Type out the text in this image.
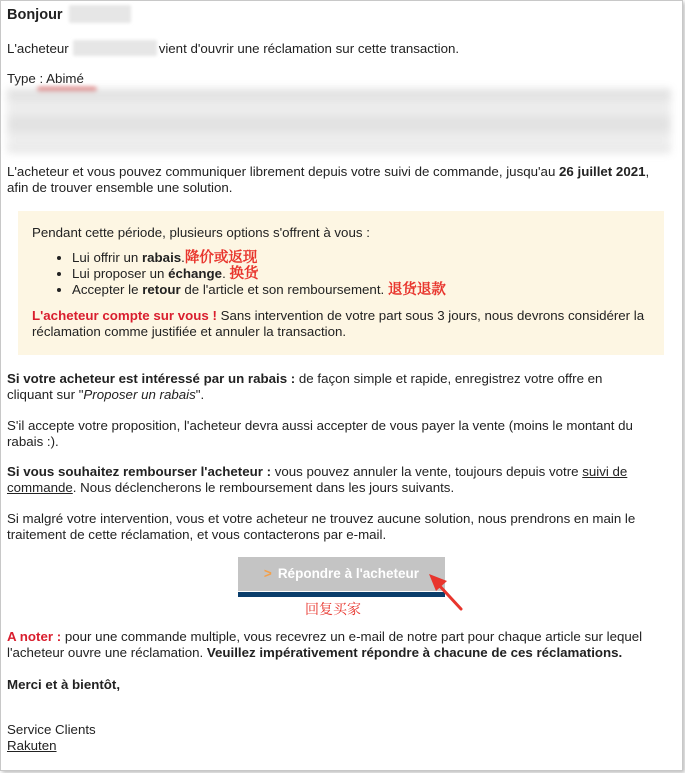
Bonjour
L'acheteur	vient d'ouvrir une réclamation sur cette transaction.
Type : Abimé
L'acheteur et vous pouvez communiquer librement depuis votre suivi de commande, jusqu'au 26 juillet 2021, afin de trouver ensemble une solution.
Pendant cette période, plusieurs options s'offrent à vous :
• Lui offrir un rabais.降价或返现
• Lui proposer un échange. 换货
• Accepter le retour de l'article et son remboursement. 退货退款
L'acheteur compte sur vous ! Sans intervention de votre part sous 3 jours, nous devrons considérer la réclamation comme justifiée et annuler la transaction.
Si votre acheteur est intéressé par un rabais : de façon simple et rapide, enregistrez votre offre en cliquant sur "Proposer un rabais".
S'il accepte votre proposition, l'acheteur devra aussi accepter de vous payer la vente (moins le montant du rabais :).
Si vous souhaitez rembourser l'acheteur : vous pouvez annuler la vente, toujours depuis votre suivi de commande. Nous déclencherons le remboursement dans les jours suivants.
Si malgré votre intervention, vous et votre acheteur ne trouvez aucune solution, nous prendrons en main le traitement de cette réclamation, et vous contacterons par e-mail.
> Répondre à l'acheteur
回复买家
A noter : pour une commande multiple, vous recevrez un e-mail de notre part pour chaque article sur lequel l'acheteur ouvre une réclamation. Veuillez impérativement répondre à chacune de ces réclamations.
Merci et à bientôt,
Service Clients
Rakuten
